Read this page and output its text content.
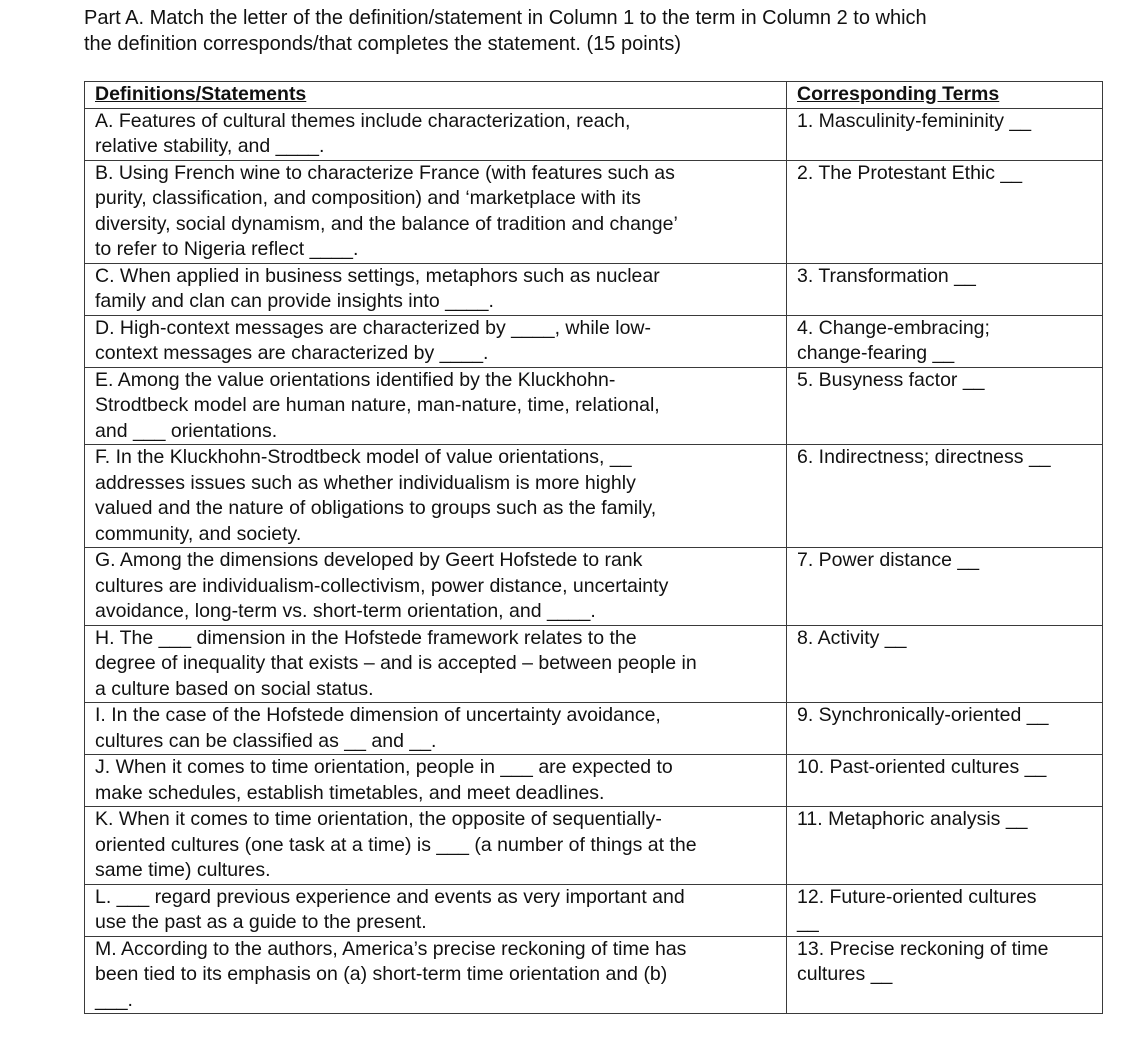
Part A. Match the letter of the definition/statement in Column 1 to the term in Column 2 to which
the definition corresponds/that completes the statement. (15 points)
Definitions/Statements	Corresponding Terms

A. Features of cultural themes include characterization, reach,
relative stability, and ____.	1. Masculinity-femininity __

B. Using French wine to characterize France (with features such as
purity, classification, and composition) and ‘marketplace with its
diversity, social dynamism, and the balance of tradition and change’
to refer to Nigeria reflect ____.	2. The Protestant Ethic __

C. When applied in business settings, metaphors such as nuclear
family and clan can provide insights into ____.	3. Transformation __

D. High-context messages are characterized by ____, while low-
context messages are characterized by ____.	4. Change-embracing;
change-fearing __

E. Among the value orientations identified by the Kluckhohn-
Strodtbeck model are human nature, man-nature, time, relational,
and ___ orientations.	5. Busyness factor __

F. In the Kluckhohn-Strodtbeck model of value orientations, __
addresses issues such as whether individualism is more highly
valued and the nature of obligations to groups such as the family,
community, and society.	6. Indirectness; directness __

G. Among the dimensions developed by Geert Hofstede to rank
cultures are individualism-collectivism, power distance, uncertainty
avoidance, long-term vs. short-term orientation, and ____.	7. Power distance __

H. The ___ dimension in the Hofstede framework relates to the
degree of inequality that exists – and is accepted – between people in
a culture based on social status.	8. Activity __

I. In the case of the Hofstede dimension of uncertainty avoidance,
cultures can be classified as __ and __.	9. Synchronically-oriented __

J. When it comes to time orientation, people in ___ are expected to
make schedules, establish timetables, and meet deadlines.	10. Past-oriented cultures __

K. When it comes to time orientation, the opposite of sequentially-
oriented cultures (one task at a time) is ___ (a number of things at the
same time) cultures.	11. Metaphoric analysis __

L. ___ regard previous experience and events as very important and
use the past as a guide to the present.	12. Future-oriented cultures
__

M. According to the authors, America’s precise reckoning of time has
been tied to its emphasis on (a) short-term time orientation and (b)
___.	13. Precise reckoning of time
cultures __
